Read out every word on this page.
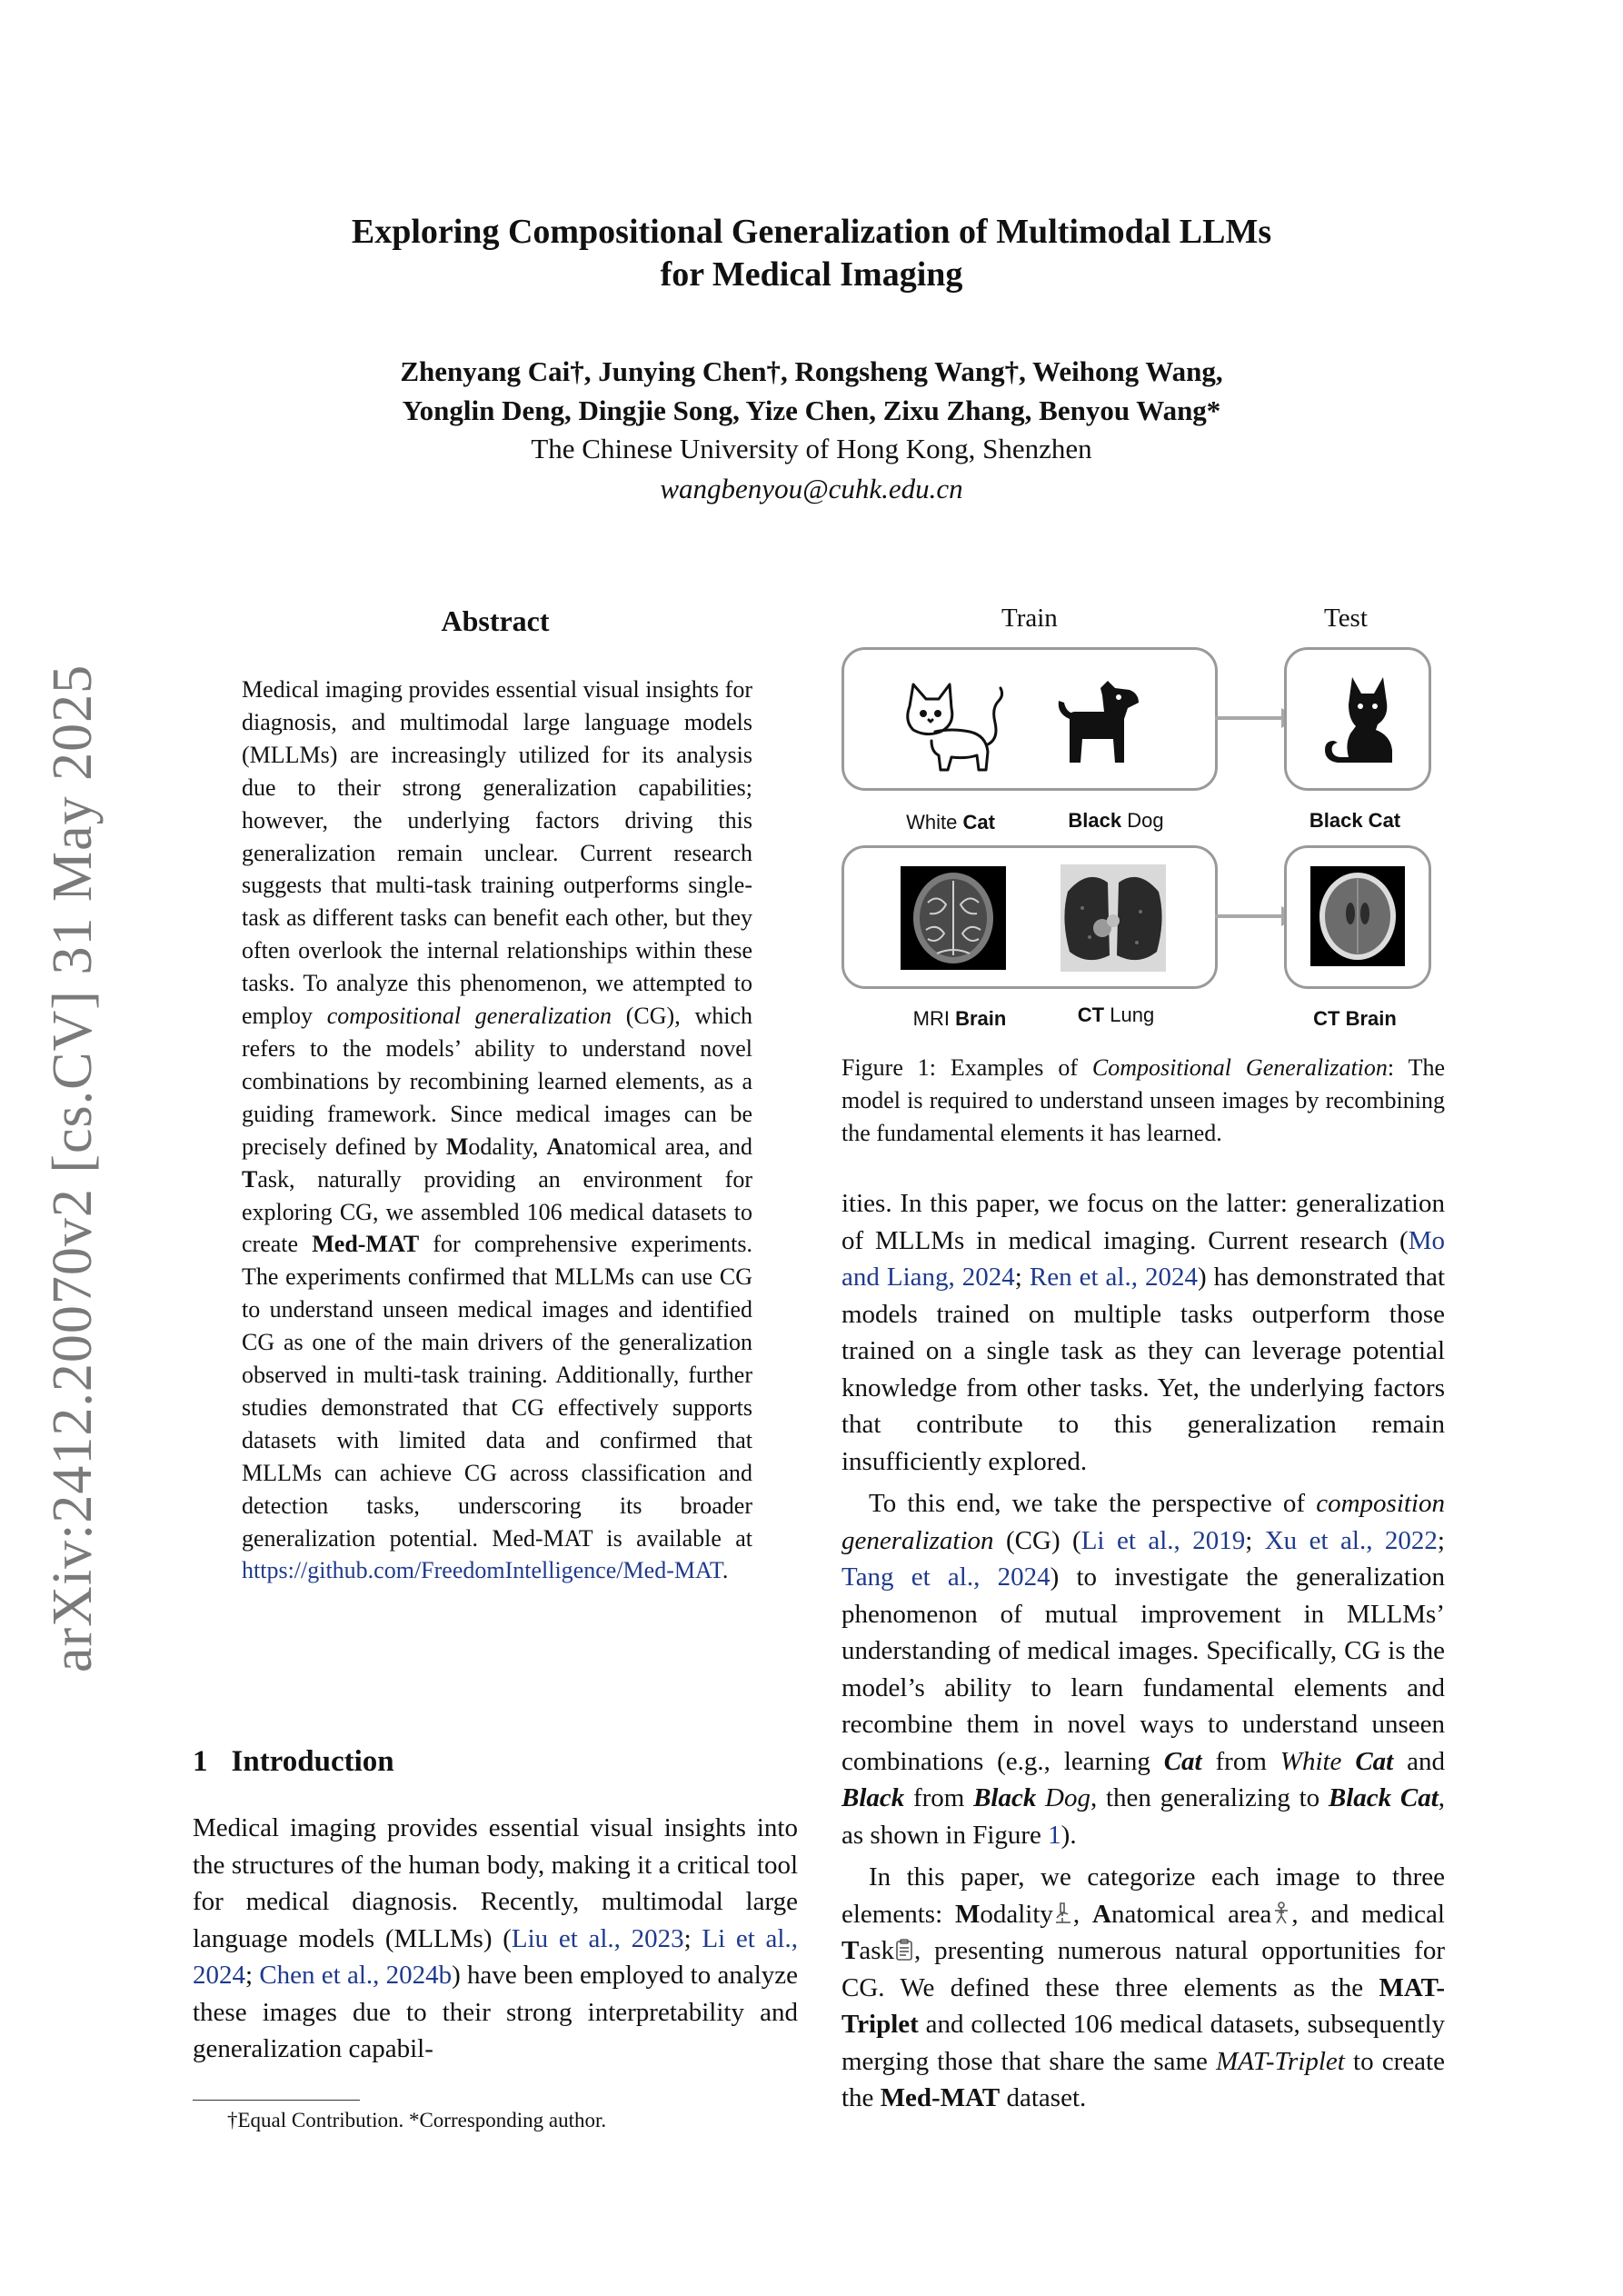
Exploring Compositional Generalization of Multimodal LLMs
for Medical Imaging
Zhenyang Cai†, Junying Chen†, Rongsheng Wang†, Weihong Wang,
Yonglin Deng, Dingjie Song, Yize Chen, Zixu Zhang, Benyou Wang*
The Chinese University of Hong Kong, Shenzhen
wangbenyou@cuhk.edu.cn
arXiv:2412.20070v2 [cs.CV] 31 May 2025
Abstract
Medical imaging provides essential visual insights for diagnosis, and multimodal large language models (MLLMs) are increasingly utilized for its analysis due to their strong generalization capabilities; however, the underlying factors driving this generalization remain unclear. Current research suggests that multi-task training outperforms single-task as different tasks can benefit each other, but they often overlook the internal relationships within these tasks. To analyze this phenomenon, we attempted to employ compositional generalization (CG), which refers to the models’ ability to understand novel combinations by recombining learned elements, as a guiding framework. Since medical images can be precisely defined by Modality, Anatomical area, and Task, naturally providing an environment for exploring CG, we assembled 106 medical datasets to create Med-MAT for comprehensive experiments. The experiments confirmed that MLLMs can use CG to understand unseen medical images and identified CG as one of the main drivers of the generalization observed in multi-task training. Additionally, further studies demonstrated that CG effectively supports datasets with limited data and confirmed that MLLMs can achieve CG across classification and detection tasks, underscoring its broader generalization potential. Med-MAT is available at https://github.com/FreedomIntelligence/Med-MAT.
1 Introduction
Medical imaging provides essential visual insights into the structures of the human body, making it a critical tool for medical diagnosis. Recently, multimodal large language models (MLLMs) (Liu et al., 2023; Li et al., 2024; Chen et al., 2024b) have been employed to analyze these images due to their strong interpretability and generalization capabil-
†Equal Contribution. *Corresponding author.
Train	Test
White Cat	Black Dog	Black Cat
MRI Brain	CT Lung	CT Brain
Figure 1: Examples of Compositional Generalization: The model is required to understand unseen images by recombining the fundamental elements it has learned.

ities. In this paper, we focus on the latter: generalization of MLLMs in medical imaging. Current research (Mo and Liang, 2024; Ren et al., 2024) has demonstrated that models trained on multiple tasks outperform those trained on a single task as they can leverage potential knowledge from other tasks. Yet, the underlying factors that contribute to this generalization remain insufficiently explored.

To this end, we take the perspective of composition generalization (CG) (Li et al., 2019; Xu et al., 2022; Tang et al., 2024) to investigate the generalization phenomenon of mutual improvement in MLLMs’ understanding of medical images. Specifically, CG is the model’s ability to learn fundamental elements and recombine them in novel ways to understand unseen combinations (e.g., learning Cat from White Cat and Black from Black Dog, then generalizing to Black Cat, as shown in Figure 1).

In this paper, we categorize each image to three elements: Modality , Anatomical area , and medical Task , presenting numerous natural opportunities for CG. We defined these three elements as the MAT-Triplet and collected 106 medical datasets, subsequently merging those that share the same MAT-Triplet to create the Med-MAT dataset.
